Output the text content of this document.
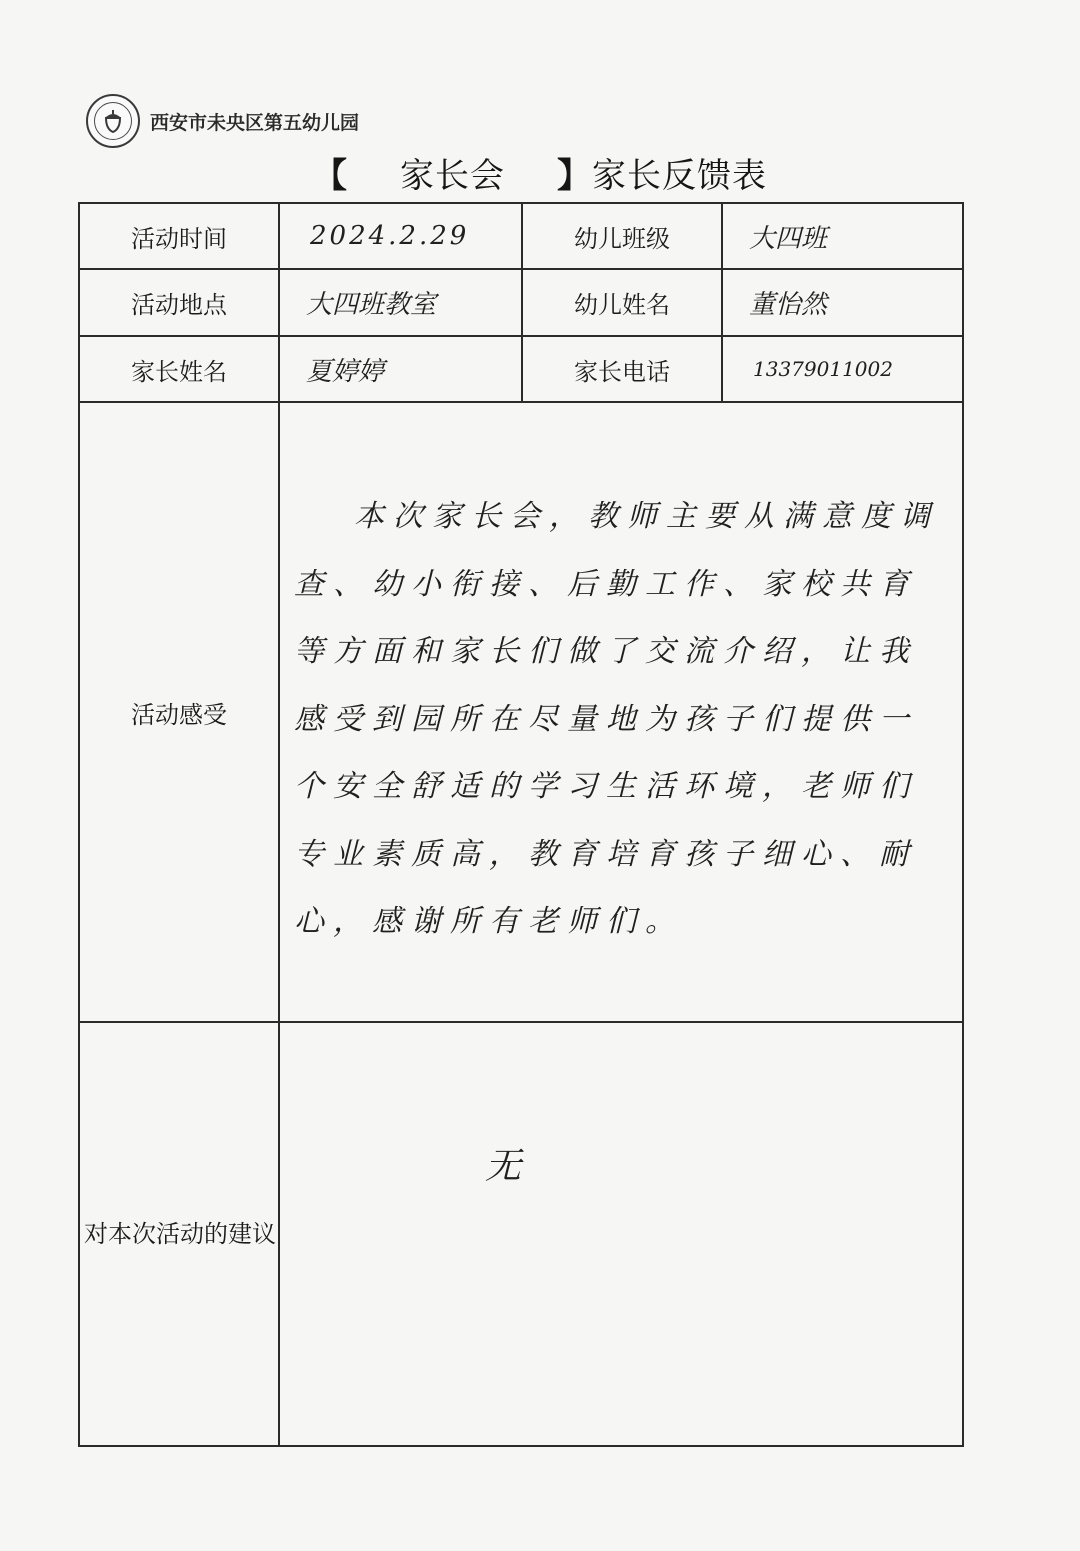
西安市未央区第五幼儿园
【 家长会 】家长反馈表
活动时间	2024.2.29	幼儿班级	大四班
活动地点	大四班教室	幼儿姓名	董怡然
家长姓名	夏婷婷	家长电话	13379011002
活动感受	本次家长会，教师主要从满意度调查、幼小衔接、后勤工作、家校共育等方面和家长们做了交流介绍，让我感受到园所在尽量地为孩子们提供一个安全舒适的学习生活环境，老师们专业素质高，教育培育孩子细心、耐心，感谢所有老师们。		

对本次活动的建议	无		
